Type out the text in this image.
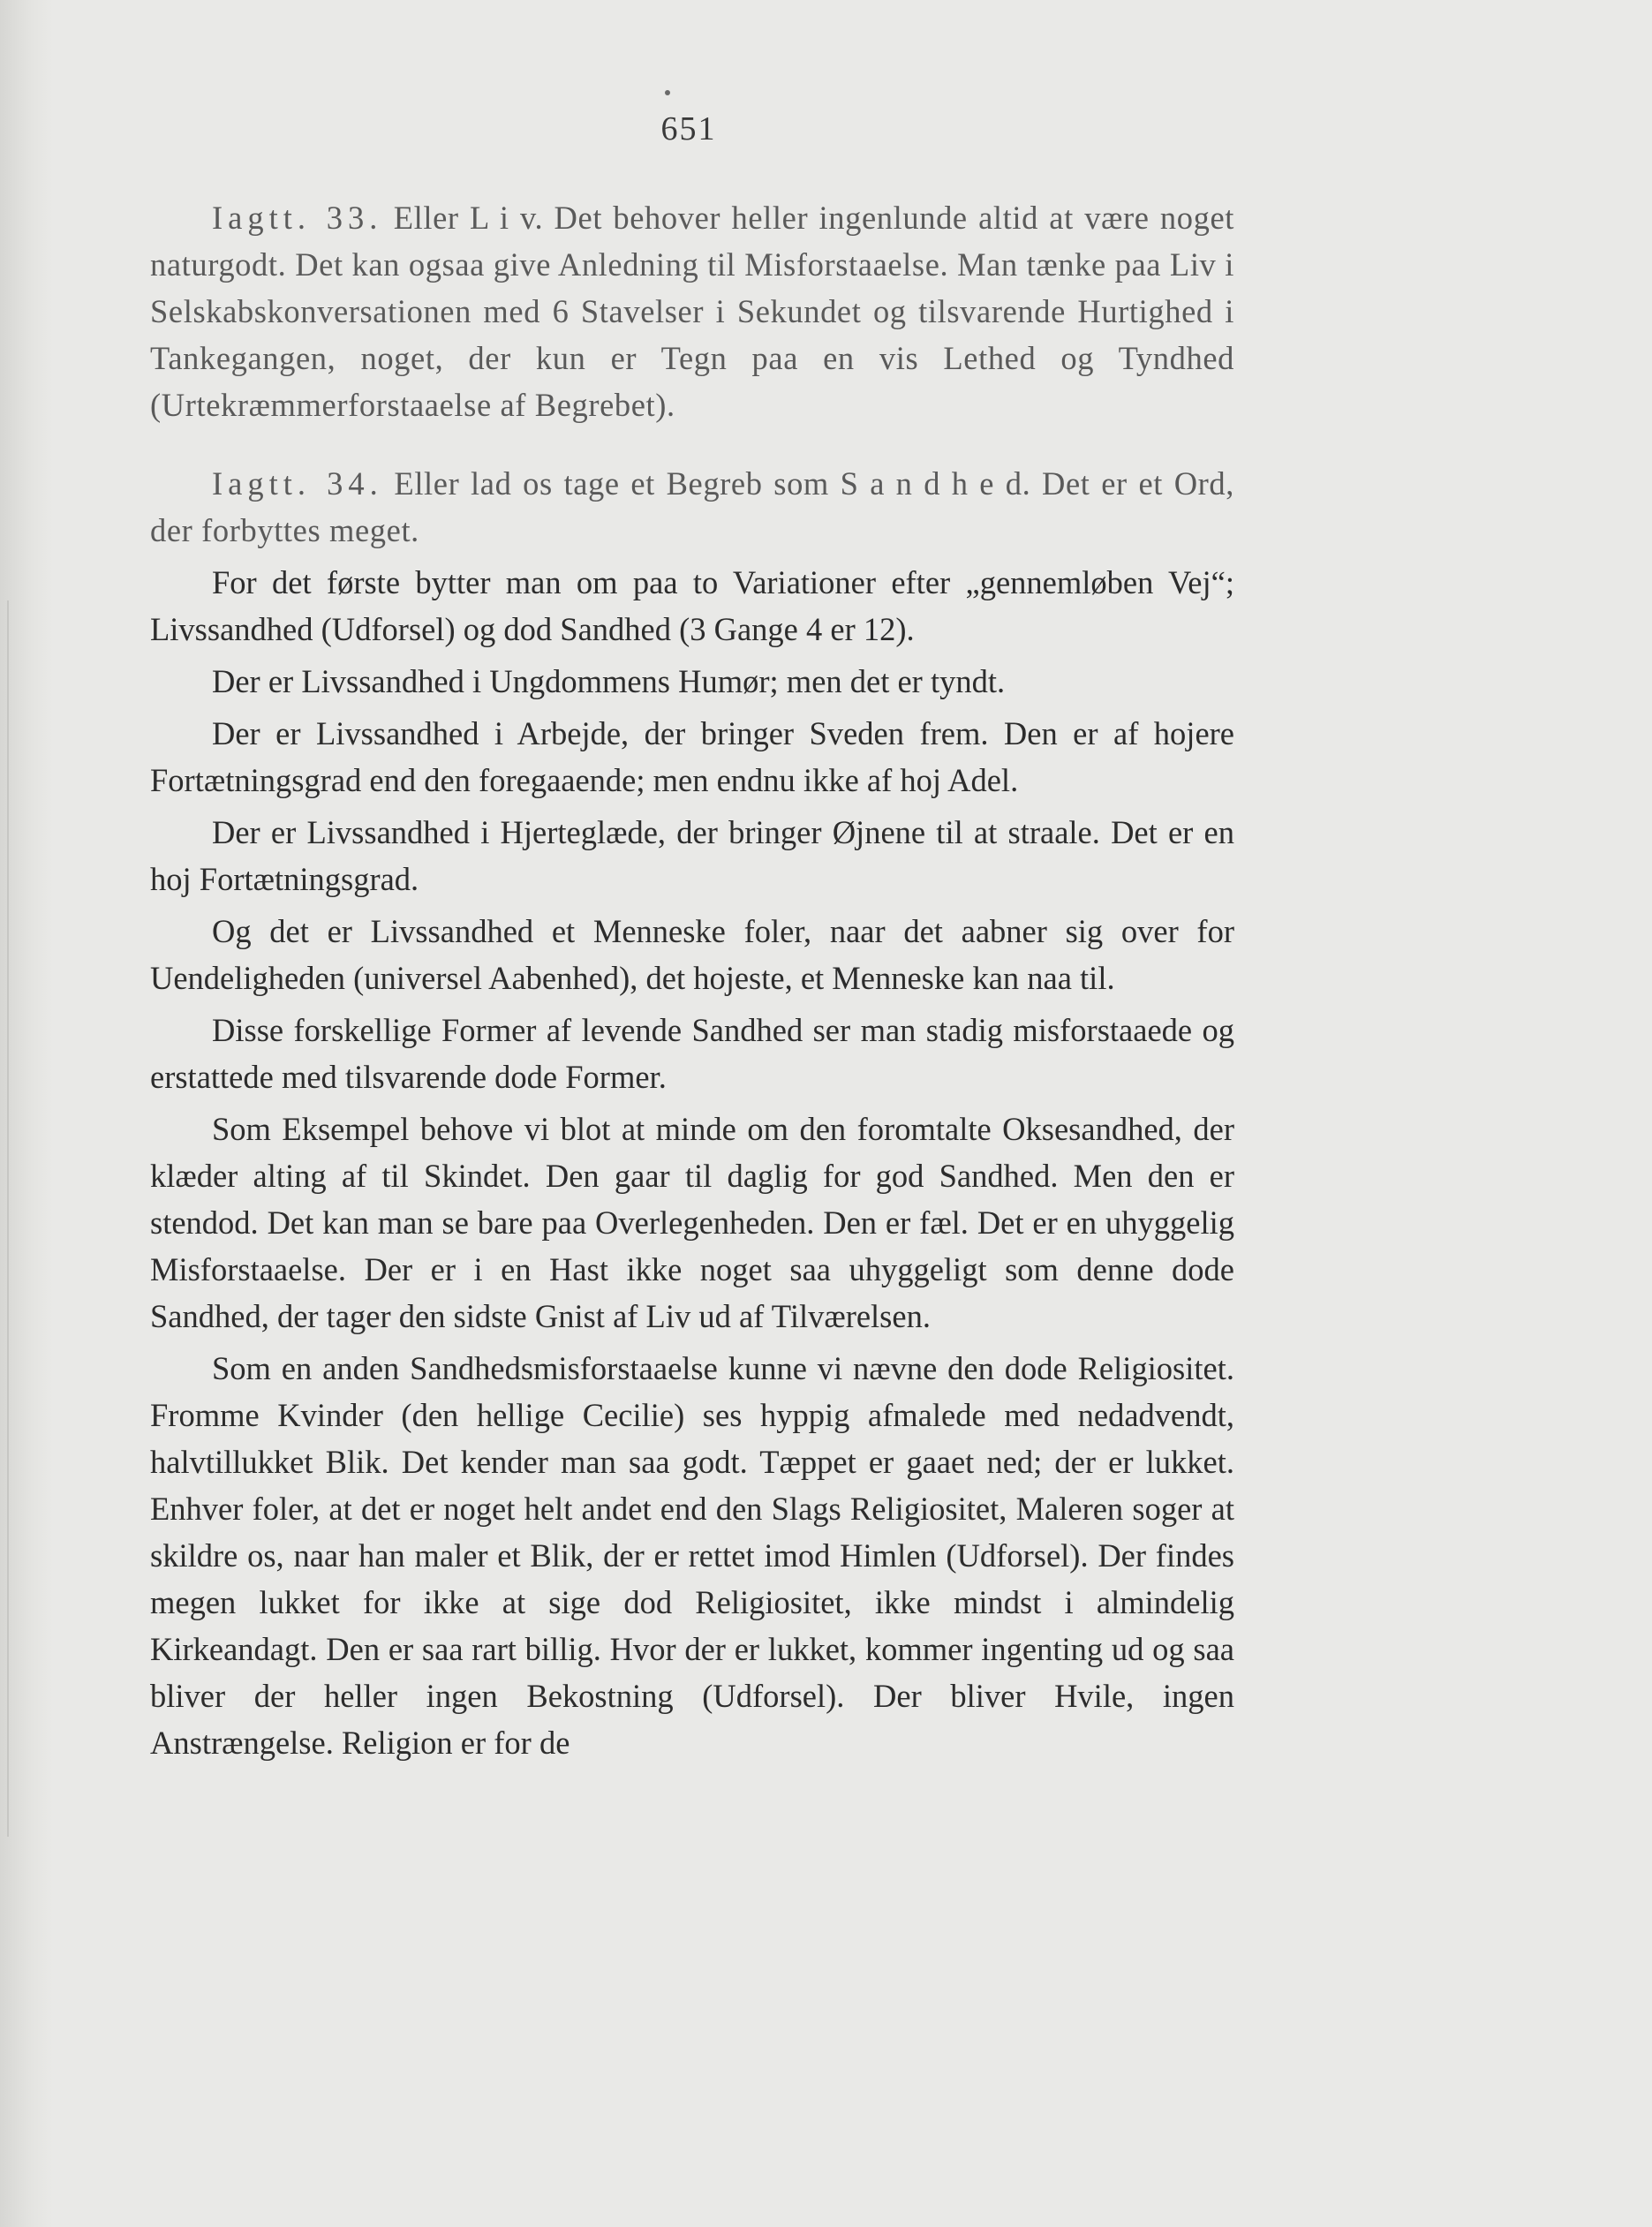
651

Iagtt. 33. Eller L i v. Det behover heller ingenlunde altid at være noget naturgodt. Det kan ogsaa give Anledning til Misforstaaelse. Man tænke paa Liv i Selskabskonversationen med 6 Stavelser i Sekundet og tilsvarende Hurtighed i Tankegangen, noget, der kun er Tegn paa en vis Lethed og Tyndhed (Urtekræmmerforstaaelse af Begrebet).

Iagtt. 34. Eller lad os tage et Begreb som S a n d h e d. Det er et Ord, der forbyttes meget.

For det første bytter man om paa to Variationer efter „gennemløben Vej“; Livssandhed (Udforsel) og dod Sandhed (3 Gange 4 er 12).

Der er Livssandhed i Ungdommens Humør; men det er tyndt.

Der er Livssandhed i Arbejde, der bringer Sveden frem. Den er af hojere Fortætningsgrad end den foregaaende; men endnu ikke af hoj Adel.

Der er Livssandhed i Hjerteglæde, der bringer Øjnene til at straale. Det er en hoj Fortætningsgrad.

Og det er Livssandhed et Menneske foler, naar det aabner sig over for Uendeligheden (universel Aabenhed), det hojeste, et Menneske kan naa til.

Disse forskellige Former af levende Sandhed ser man stadig misforstaaede og erstattede med tilsvarende dode Former.

Som Eksempel behove vi blot at minde om den foromtalte Oksesandhed, der klæder alting af til Skindet. Den gaar til daglig for god Sandhed. Men den er stendod. Det kan man se bare paa Overlegenheden. Den er fæl. Det er en uhyggelig Misforstaaelse. Der er i en Hast ikke noget saa uhyggeligt som denne dode Sandhed, der tager den sidste Gnist af Liv ud af Tilværelsen.

Som en anden Sandhedsmisforstaaelse kunne vi nævne den dode Religiositet. Fromme Kvinder (den hellige Cecilie) ses hyppig afmalede med nedadvendt, halvtillukket Blik. Det kender man saa godt. Tæppet er gaaet ned; der er lukket. Enhver foler, at det er noget helt andet end den Slags Religiositet, Maleren soger at skildre os, naar han maler et Blik, der er rettet imod Himlen (Udforsel). Der findes megen lukket for ikke at sige dod Religiositet, ikke mindst i almindelig Kirkeandagt. Den er saa rart billig. Hvor der er lukket, kommer ingenting ud og saa bliver der heller ingen Bekostning (Udforsel). Der bliver Hvile, ingen Anstrængelse. Religion er for de
